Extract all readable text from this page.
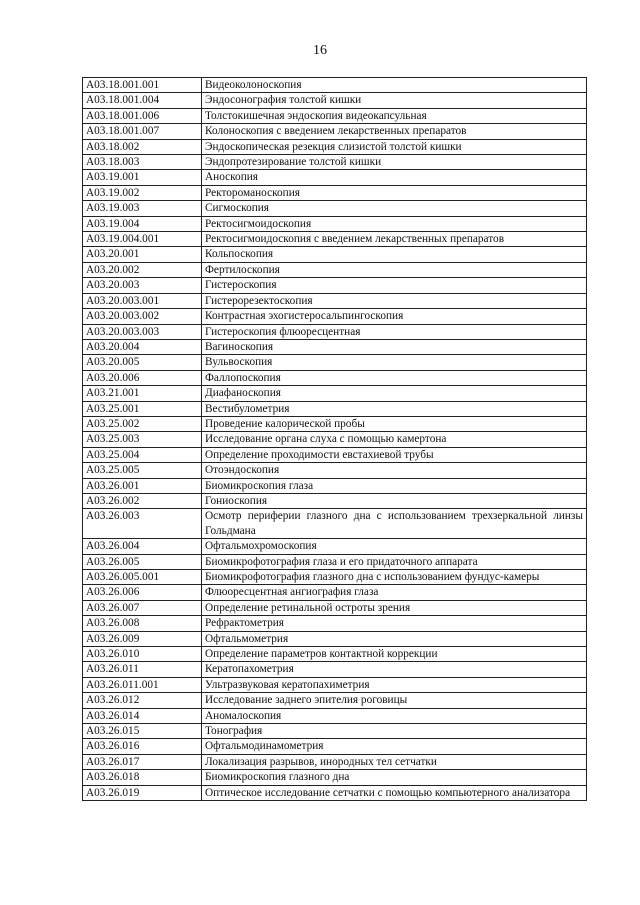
16
A03.18.001.001	Видеоколоноскопия
A03.18.001.004	Эндосонография толстой кишки
A03.18.001.006	Толстокишечная эндоскопия видеокапсульная
A03.18.001.007	Колоноскопия с введением лекарственных препаратов
A03.18.002	Эндоскопическая резекция слизистой толстой кишки
A03.18.003	Эндопротезирование толстой кишки
A03.19.001	Аноскопия
A03.19.002	Ректороманоскопия
A03.19.003	Сигмоскопия
A03.19.004	Ректосигмоидоскопия
A03.19.004.001	Ректосигмоидоскопия с введением лекарственных препаратов
A03.20.001	Кольпоскопия
A03.20.002	Фертилоскопия
A03.20.003	Гистероскопия
A03.20.003.001	Гистерорезектоскопия
A03.20.003.002	Контрастная эхогистеросальпингоскопия
A03.20.003.003	Гистероскопия флюоресцентная
A03.20.004	Вагиноскопия
A03.20.005	Вульвоскопия
A03.20.006	Фаллопоскопия
A03.21.001	Диафаноскопия
A03.25.001	Вестибулометрия
A03.25.002	Проведение калорической пробы
A03.25.003	Исследование органа слуха с помощью камертона
A03.25.004	Определение проходимости евстахиевой трубы
A03.25.005	Отоэндоскопия
A03.26.001	Биомикроскопия глаза
A03.26.002	Гониоскопия
A03.26.003	Осмотр периферии глазного дна с использованием трехзеркальной линзы Гольдмана
A03.26.004	Офтальмохромоскопия
A03.26.005	Биомикрофотография глаза и его придаточного аппарата
A03.26.005.001	Биомикрофотография глазного дна с использованием фундус-камеры
A03.26.006	Флюоресцентная ангиография глаза
A03.26.007	Определение ретинальной остроты зрения
A03.26.008	Рефрактометрия
A03.26.009	Офтальмометрия
A03.26.010	Определение параметров контактной коррекции
A03.26.011	Кератопахометрия
A03.26.011.001	Ультразвуковая кератопахиметрия
A03.26.012	Исследование заднего эпителия роговицы
A03.26.014	Аномалоскопия
A03.26.015	Тонография
A03.26.016	Офтальмодинамометрия
A03.26.017	Локализация разрывов, инородных тел сетчатки
A03.26.018	Биомикроскопия глазного дна
A03.26.019	Оптическое исследование сетчатки с помощью компьютерного анализатора
